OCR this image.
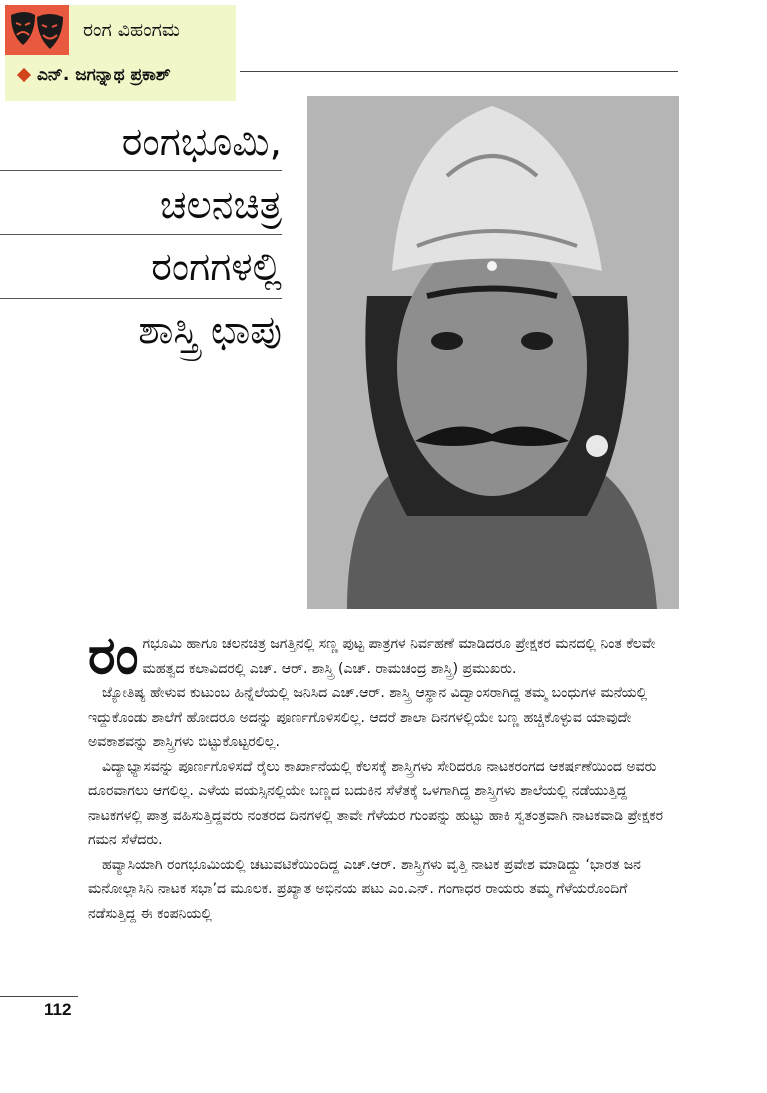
ರಂಗ ವಿಹಂಗಮ
ಎನ್. ಜಗನ್ನಾಥ ಪ್ರಕಾಶ್
ರಂಗಭೂಮಿ,
ಚಲನಚಿತ್ರ
ರಂಗಗಳಲ್ಲಿ
ಶಾಸ್ತ್ರಿ ಛಾಪು

ರಂಗಭೂಮಿ ಹಾಗೂ ಚಲನಚಿತ್ರ ಜಗತ್ತಿನಲ್ಲಿ ಸಣ್ಣ ಪುಟ್ಟ ಪಾತ್ರಗಳ ನಿರ್ವಹಣೆ ಮಾಡಿದರೂ ಪ್ರೇಕ್ಷಕರ ಮನದಲ್ಲಿ ನಿಂತ ಕೆಲವೇ ಮಹತ್ವದ ಕಲಾವಿದರಲ್ಲಿ ಎಚ್. ಆರ್. ಶಾಸ್ತ್ರಿ (ಎಚ್. ರಾಮಚಂದ್ರ ಶಾಸ್ತ್ರಿ) ಪ್ರಮುಖರು.

ಜ್ಯೋತಿಷ್ಯ ಹೇಳುವ ಕುಟುಂಬ ಹಿನ್ನೆಲೆಯಲ್ಲಿ ಜನಿಸಿದ ಎಚ್.ಆರ್. ಶಾಸ್ತ್ರಿ ಆಸ್ಥಾನ ವಿದ್ವಾಂಸರಾಗಿದ್ದ ತಮ್ಮ ಬಂಧುಗಳ ಮನೆಯಲ್ಲಿ ಇದ್ದುಕೊಂಡು ಶಾಲೆಗೆ ಹೋದರೂ ಅದನ್ನು ಪೂರ್ಣಗೊಳಿಸಲಿಲ್ಲ. ಆದರೆ ಶಾಲಾ ದಿನಗಳಲ್ಲಿಯೇ ಬಣ್ಣ ಹಚ್ಚಿಕೊಳ್ಳುವ ಯಾವುದೇ ಅವಕಾಶವನ್ನು ಶಾಸ್ತ್ರಿಗಳು ಬಿಟ್ಟುಕೊಟ್ಟರಲಿಲ್ಲ.

ವಿದ್ಯಾಭ್ಯಾಸವನ್ನು ಪೂರ್ಣಗೊಳಿಸದೆ ರೈಲು ಕಾರ್ಖಾನೆಯಲ್ಲಿ ಕೆಲಸಕ್ಕೆ ಶಾಸ್ತ್ರಿಗಳು ಸೇರಿದರೂ ನಾಟಕರಂಗದ ಆಕರ್ಷಣೆಯಿಂದ ಅವರು ದೂರವಾಗಲು ಆಗಲಿಲ್ಲ. ಎಳೆಯ ವಯಸ್ಸಿನಲ್ಲಿಯೇ ಬಣ್ಣದ ಬದುಕಿನ ಸೆಳೆತಕ್ಕೆ ಒಳಗಾಗಿದ್ದ ಶಾಸ್ತ್ರಿಗಳು ಶಾಲೆಯಲ್ಲಿ ನಡೆಯುತ್ತಿದ್ದ ನಾಟಕಗಳಲ್ಲಿ ಪಾತ್ರ ವಹಿಸುತ್ತಿದ್ದವರು ನಂತರದ ದಿನಗಳಲ್ಲಿ ತಾವೇ ಗೆಳೆಯರ ಗುಂಪನ್ನು ಹುಟ್ಟು ಹಾಕಿ ಸ್ವತಂತ್ರವಾಗಿ ನಾಟಕವಾಡಿ ಪ್ರೇಕ್ಷಕರ ಗಮನ ಸೆಳೆದರು.

ಹವ್ಯಾಸಿಯಾಗಿ ರಂಗಭೂಮಿಯಲ್ಲಿ ಚಟುವಟಿಕೆಯಿಂದಿದ್ದ ಎಚ್.ಆರ್. ಶಾಸ್ತ್ರಿಗಳು ವೃತ್ತಿ ನಾಟಕ ಪ್ರವೇಶ ಮಾಡಿದ್ದು ‘ಭಾರತ ಜನ ಮನೋಲ್ಲಾಸಿನಿ ನಾಟಕ ಸಭಾ’ದ ಮೂಲಕ. ಪ್ರಖ್ಯಾತ ಅಭಿನಯ ಪಟು ಎಂ.ಎನ್. ಗಂಗಾಧರ ರಾಯರು ತಮ್ಮ ಗೆಳೆಯರೊಂದಿಗೆ ನಡೆಸುತ್ತಿದ್ದ ಈ ಕಂಪನಿಯಲ್ಲಿ

112
